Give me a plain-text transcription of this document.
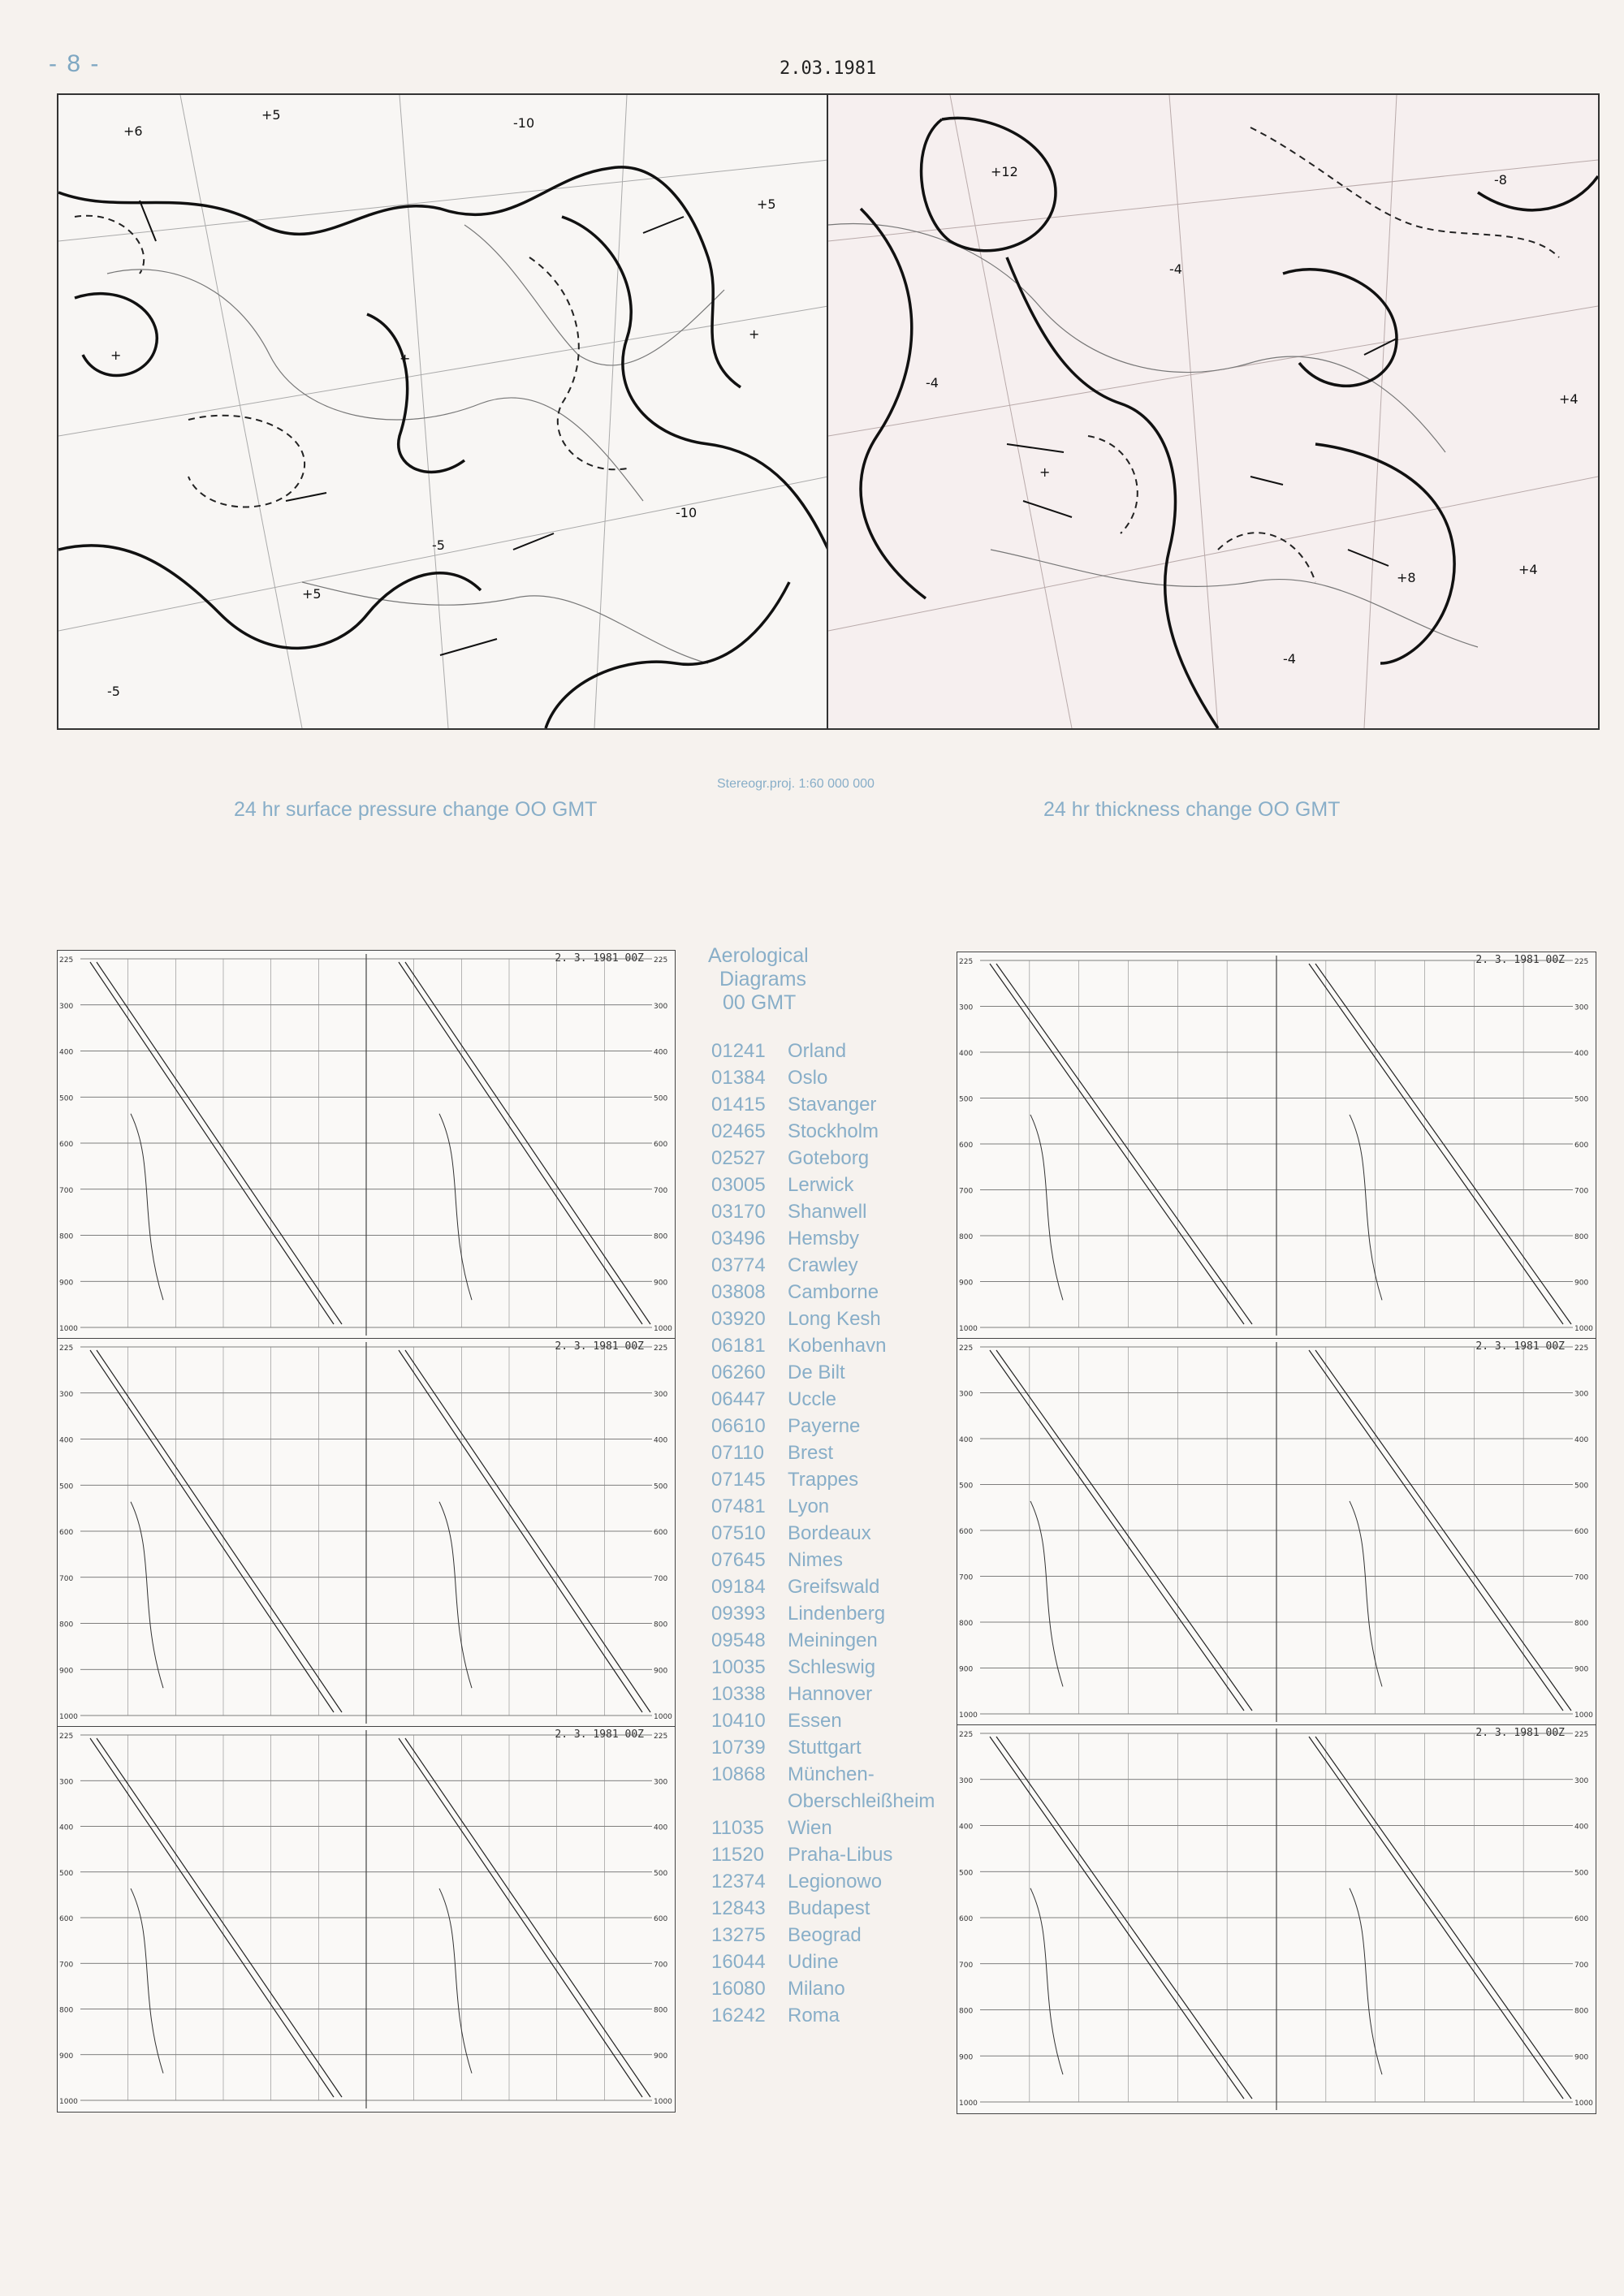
- 8 -	2.03.1981
+6
+5
-10
+	+
+
-5
-10
+5
-5
+5
+12
-4
-4
+
+8
-8
-4
+4
+4
Stereogr.proj. 1:60 000 000
24 hr surface pressure change OO GMT	24 hr thickness change OO GMT
225	225
300	300
400	400
500	500
600	600
700	700
800	800
900	900
1000	1000
2. 3. 1981 00Z
225	225
300	300
400	400
500	500
600	600
700	700
800	800
900	900
1000	1000
2. 3. 1981 00Z
225	225
300	300
400	400
500	500
600	600
700	700
800	800
900	900
1000	1000
2. 3. 1981 00Z
225	225
300	300
400	400
500	500
600	600
700	700
800	800
900	900
1000	1000
2. 3. 1981 00Z
225	225
300	300
400	400
500	500
600	600
700	700
800	800
900	900
1000	1000
2. 3. 1981 00Z
225	225
300	300
400	400
500	500
600	600
700	700
800	800
900	900
1000	1000
2. 3. 1981 00Z
Aerological
Diagrams
00 GMT
01241	Orland
01384	Oslo
01415	Stavanger
02465	Stockholm
02527	Goteborg
03005	Lerwick
03170	Shanwell
03496	Hemsby
03774	Crawley
03808	Camborne
03920	Long Kesh
06181	Kobenhavn
06260	De Bilt
06447	Uccle
06610	Payerne
07110	Brest
07145	Trappes
07481	Lyon
07510	Bordeaux
07645	Nimes
09184	Greifswald
09393	Lindenberg
09548	Meiningen
10035	Schleswig
10338	Hannover
10410	Essen
10739	Stuttgart
10868	München-Oberschleißheim
11035	Wien
11520	Praha-Libus
12374	Legionowo
12843	Budapest
13275	Beograd
16044	Udine
16080	Milano
16242	Roma
